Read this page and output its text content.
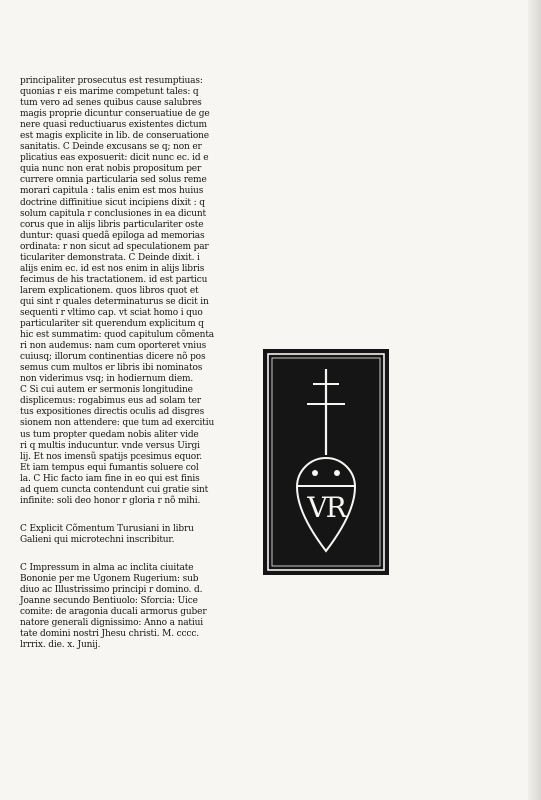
principaliter prosecutus est resumptiuas:
quonias r eis marime competunt tales: q
tum vero ad senes quibus cause salubres
magis proprie dicuntur conseruatiue de ge
nere quasi reductiuarus existentes dictum
est magis explicite in lib. de conseruatione
sanitatis. C Deinde excusans se q; non er
plicatius eas exposuerit: dicit nunc ec. id e
quia nunc non erat nobis propositum per
currere omnia particularia sed solus reme
morari capitula : talis enim est mos huius
doctrine diffinitiue sicut incipiens dixit : q
solum capitula r conclusiones in ea dicunt
corus que in alijs libris particulariter oste
duntur: quasi quedã epiloga ad memorias
ordinata: r non sicut ad speculationem par
ticulariter demonstrata. C Deinde dixit. i
alijs enim ec. id est nos enim in alijs libris
fecimus de his tractationem. id est particu
larem explicationem. quos libros quot et
qui sint r quales determinaturus se dicit in
sequenti r vltimo cap. vt sciat homo i quo
particulariter sit querendum explicitum q
hic est summatim: quod capitulum cõmenta
ri non audemus: nam cum oporteret vnius
cuiusq; illorum continentias dicere nõ pos
semus cum multos er libris ibi nominatos
non viderimus vsq; in hodiernum diem.
C Si cui autem er sermonis longitudine
displicemus: rogabimus eus ad solam ter
tus expositiones directis oculis ad disgres
sionem non attendere: que tum ad exercitiu
us tum propter quedam nobis aliter vide
ri q multis inducuntur. vnde versus Uirgi
lij. Et nos imensũ spatijs pcesimus equor.
Et iam tempus equi fumantis soluere col
la. C Hic facto iam fine in eo qui est finis
ad quem cuncta contendunt cui gratie sint
infinite: soli deo honor r gloria r nõ mihi.

C Explicit Cõmentum Turusiani in libru
Galieni qui microtechni inscribitur.

C Impressum in alma ac inclita ciuitate
Bononie per me Ugonem Rugerium: sub
diuo ac Illustrissimo principi r domino. d.
Joanne secundo Bentiuolo: Sforcia: Uice
comite: de aragonia ducali armorus guber
natore generali dignissimo: Anno a natiui
tate domini nostri Jhesu christi. M. cccc.
lrrrix. die. x. Junij.

VR
